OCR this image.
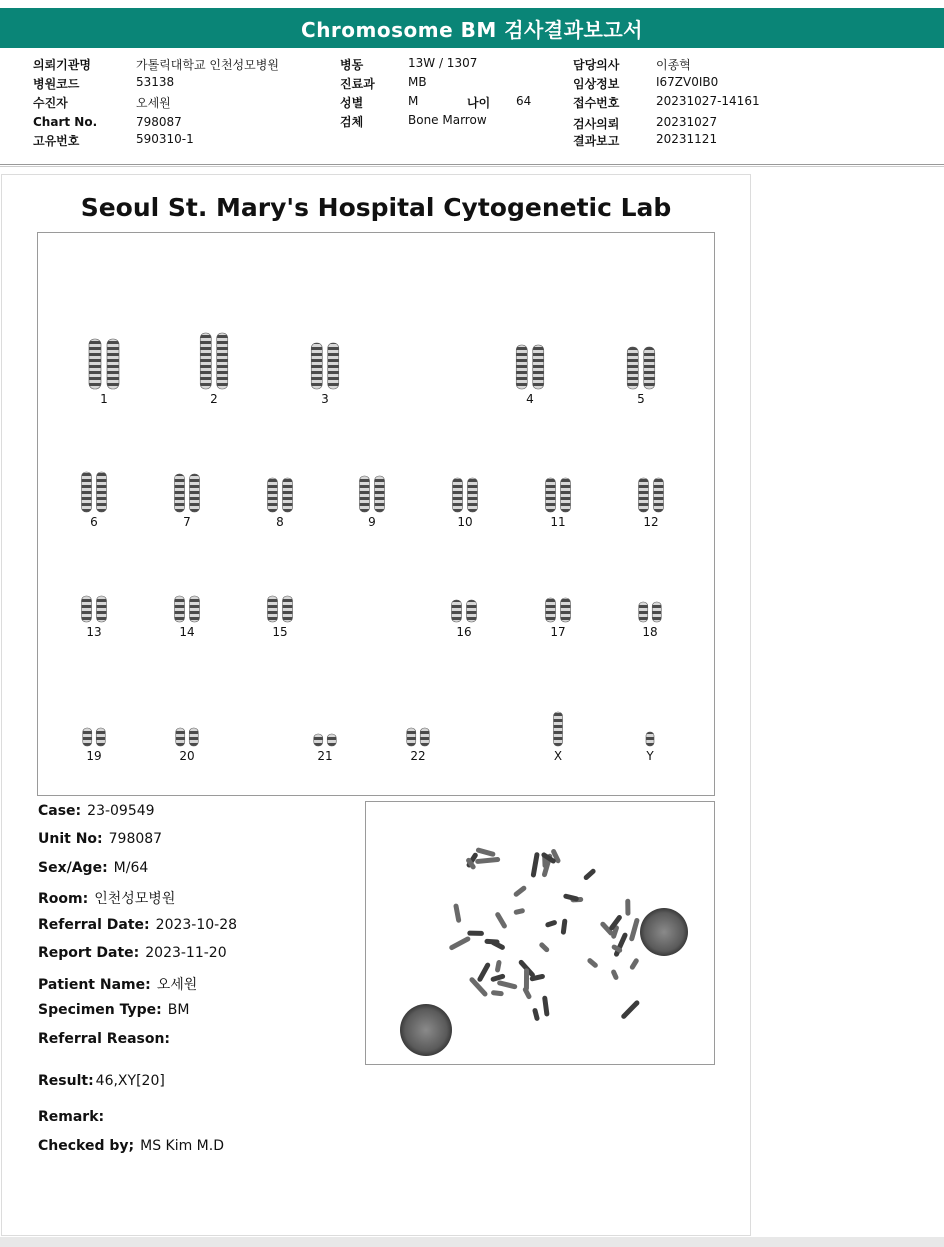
Chromosome BM 검사결과보고서
의뢰기관명	가톨릭대학교 인천성모병원
병원코드	53138
수진자	오세원
Chart No.	798087
고유번호	590310-1
병동	13W / 1307
진료과	MB
성별	M	나이 64
검체	Bone Marrow
담당의사	이종혁
임상정보	I67ZV0IB0
접수번호	20231027-14161
검사의뢰	20231027
결과보고	20231121
Seoul St. Mary's Hospital Cytogenetic Lab
1	2	3	4	5
6	7	8	9	10	11	12
13	14	15	16	17	18
19	20	21	22	X	Y
Case: 23-09549
Unit No: 798087
Sex/Age: M/64
Room: 인천성모병원
Referral Date: 2023-10-28
Report Date: 2023-11-20
Patient Name: 오세원
Specimen Type: BM
Referral Reason:
Result: 46,XY[20]
Remark:
Checked by; MS Kim M.D
